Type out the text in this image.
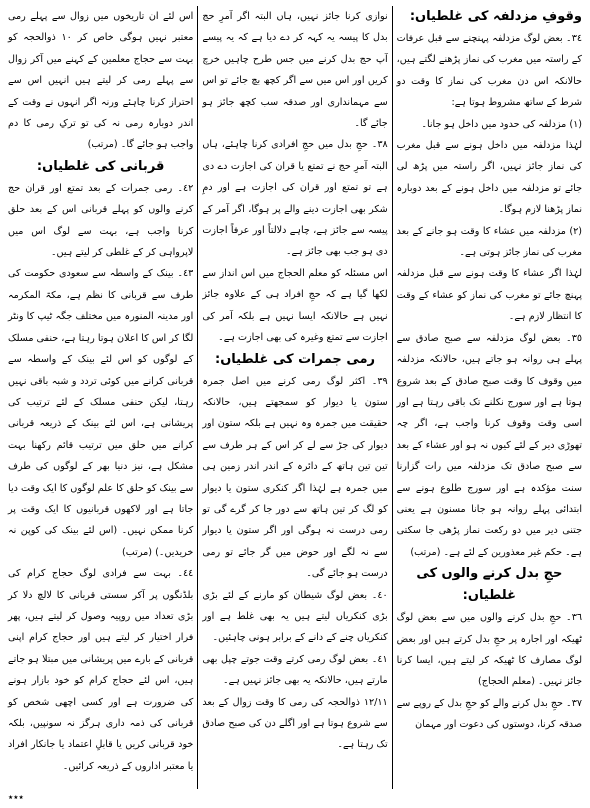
وقوفِ مزدلفہ کی غلطیاں:

٣٤۔ بعض لوگ مزدلفہ پہنچنے سے قبل عرفات کے راستہ میں مغرب کی نماز پڑھنے لگتے ہیں، حالانکہ اس دن مغرب کی نماز کا وقت دو شرط کے ساتھ مشروط ہوتا ہے:

(۱) مزدلفہ کی حدود میں داخل ہو جانا۔

لہٰذا مزدلفہ میں داخل ہونے سے قبل مغرب کی نماز جائز نہیں، اگر راستہ میں پڑھ لی جائے تو مزدلفہ میں داخل ہونے کے بعد دوبارہ نماز پڑھنا لازم ہوگا۔

(۲) مزدلفہ میں عشاء کا وقت ہو جانے کے بعد مغرب کی نماز جائز ہوتی ہے۔

لہٰذا اگر عشاء کا وقت ہونے سے قبل مزدلفہ پہنچ جائے تو مغرب کی نماز کو عشاء کے وقت کا انتظار لازم ہے۔

٣٥۔ بعض لوگ مزدلفہ سے صبح صادق سے پہلے ہی روانہ ہو جاتے ہیں، حالانکہ مزدلفہ میں وقوف کا وقت صبح صادق کے بعد شروع ہوتا ہے اور سورج نکلنے تک باقی رہتا ہے اور اسی وقت وقوف کرنا واجب ہے، اگر چہ تھوڑی دیر کے لئے کیوں نہ ہو اور عشاء کے بعد سے صبح صادق تک مزدلفہ میں رات گزارنا سنت مؤکدہ ہے اور سورج طلوع ہونے سے ابتدائی پہلے روانہ ہو جانا مسنون ہے یعنی جتنی دیر میں دو رکعت نماز پڑھی جا سکتی ہے۔ حکم غیر معذورین کے لئے ہے۔ (مرتب)

حجِ بدل کرنے والوں کی غلطیاں:

٣٦۔ حجِ بدل کرنے والوں میں سے بعض لوگ ٹھیکہ اور اجارہ پر حجِ بدل کرتے ہیں اور بعض لوگ مصارف کا ٹھیکہ کر لیتے ہیں، ایسا کرنا جائز نہیں۔ (معلم الحجاج)

٣٧۔ حجِ بدل کرنے والے کو حجِ بدل کے روپے سے صدقہ کرنا، دوستوں کی دعوت اور مہمان

نوازی کرنا جائز نہیں، ہاں البتہ اگر آمرِ حج بدل کا پیسہ یہ کہہ کر دے دیا ہے کہ یہ پیسے آپ حج بدل کرنے میں جس طرح چاہیں خرچ کریں اور اس میں سے اگر کچھ بچ جائے تو اس سے مہمانداری اور صدقہ سب کچھ جائز ہو جائے گا۔

٣٨۔ حجِ بدل میں حجِ افرادی کرنا چاہئے، ہاں البتہ آمرِ حج نے تمتع یا قران کی اجازت دے دی ہے تو تمتع اور قران کی اجازت ہے اور دمِ شکر بھی اجازت دینے والے پر ہوگا، اگر آمر کے پیسہ سے جائز ہے، چاہے دلالتاً اور عرفاً اجازت دی ہو جب بھی جائز ہے۔

اس مسئلہ کو معلم الحجاج میں اس انداز سے لکھا گیا ہے کہ حجِ افراد ہی کے علاوہ جائز نہیں ہے حالانکہ ایسا نہیں ہے بلکہ آمر کی اجازت سے تمتع وغیرہ کی بھی اجازت ہے۔

رمی جمرات کی غلطیاں:

٣٩۔ اکثر لوگ رمی کرنے میں اصل جمرہ ستون یا دیوار کو سمجھتے ہیں، حالانکہ حقیقت میں جمرہ وہ نہیں ہے بلکہ ستون اور دیوار کی جڑ سے لے کر اس کے ہر طرف سے تین تین ہاتھ کے دائرہ کے اندر اندر زمین ہی میں جمرہ ہے لہٰذا اگر کنکری ستون یا دیوار کو لگ کر تین ہاتھ سے دور جا کر گرے گی تو رمی درست نہ ہوگی اور اگر ستون یا دیوار سے نہ لگے اور حوض میں گر جائے تو رمی درست ہو جائے گی۔

٤٠۔ بعض لوگ شیطان کو مارنے کے لئے بڑی بڑی کنکریاں لیتے ہیں یہ بھی غلط ہے اور کنکریاں چنے کے دانے کے برابر ہونی چاہئیں۔

٤١۔ بعض لوگ رمی کرتے وقت جوتے چپل بھی مارتے ہیں، حالانکہ یہ بھی جائز نہیں ہے۔

١٢/١١ ذوالحجہ کی رمی کا وقت زوال کے بعد سے شروع ہوتا ہے اور اگلے دن کی صبح صادق تک رہتا ہے۔

اس لئے ان تاریخوں میں زوال سے پہلے رمی معتبر نہیں ہوگی خاص کر ١٠ ذوالحجہ کو بہت سے حجاج معلمین کے کہنے میں آکر زوال سے پہلے رمی کر لیتے ہیں انہیں اس سے احتراز کرنا چاہئے ورنہ اگر انہوں نے وقت کے اندر دوبارہ رمی نہ کی تو ترکِ رمی کا دم واجب ہو جائے گا۔ (مرتب)

قربانی کی غلطیاں:

٤٢۔ رمی جمرات کے بعد تمتع اور قران حج کرنے والوں کو پہلے قربانی اس کے بعد حلق کرنا واجب ہے، بہت سے لوگ اس میں لاپرواہی کر کے غلطی کر لیتے ہیں۔

٤٣۔ بینک کے واسطہ سے سعودی حکومت کی طرف سے قربانی کا نظم ہے، مکۃ المکرمہ اور مدینہ المنورہ میں مختلف جگہ ٹیپ کا ونٹر لگا کر اس کا اعلان ہوتا رہتا ہے، حنفی مسلک کے لوگوں کو اس لئے بینک کے واسطہ سے قربانی کرانے میں کوئی تردد و شبہ باقی نہیں رہتا، لیکن حنفی مسلک کے لئے ترتیب کی پریشانی ہے، اس لئے بینک کے ذریعہ قربانی کرانے میں حلق میں ترتیب قائم رکھنا بہت مشکل ہے، نیز دنیا بھر کے لوگوں کی طرف سے بینک کو حلق کا علم لوگوں کا ایک وقت دیا جاتا ہے اور لاکھوں قربانیوں کا ایک وقت پر کرنا ممکن نہیں۔ (اس لئے بینک کی کوپن نہ خریدیں۔) (مرتب)

٤٤۔ بہت سے فرادی لوگ حجاج کرام کی بلڈنگوں پر آکر سستی قربانی کا لالچ دلا کر بڑی تعداد میں روپیہ وصول کر لیتے ہیں، پھر فرار اختیار کر لیتے ہیں اور حجاج کرام اپنی قربانی کے بارے میں پریشانی میں مبتلا ہو جاتے ہیں، اس لئے حجاج کرام کو خود بازار ہونے کی ضرورت ہے اور کسی اچھی شخص کو قربانی کی ذمہ داری ہرگز نہ سونپیں، بلکہ خود قربانی کریں یا قابلِ اعتماد یا جانکار افراد یا معتبر اداروں کے ذریعہ کرائیں۔

٭٭٭
